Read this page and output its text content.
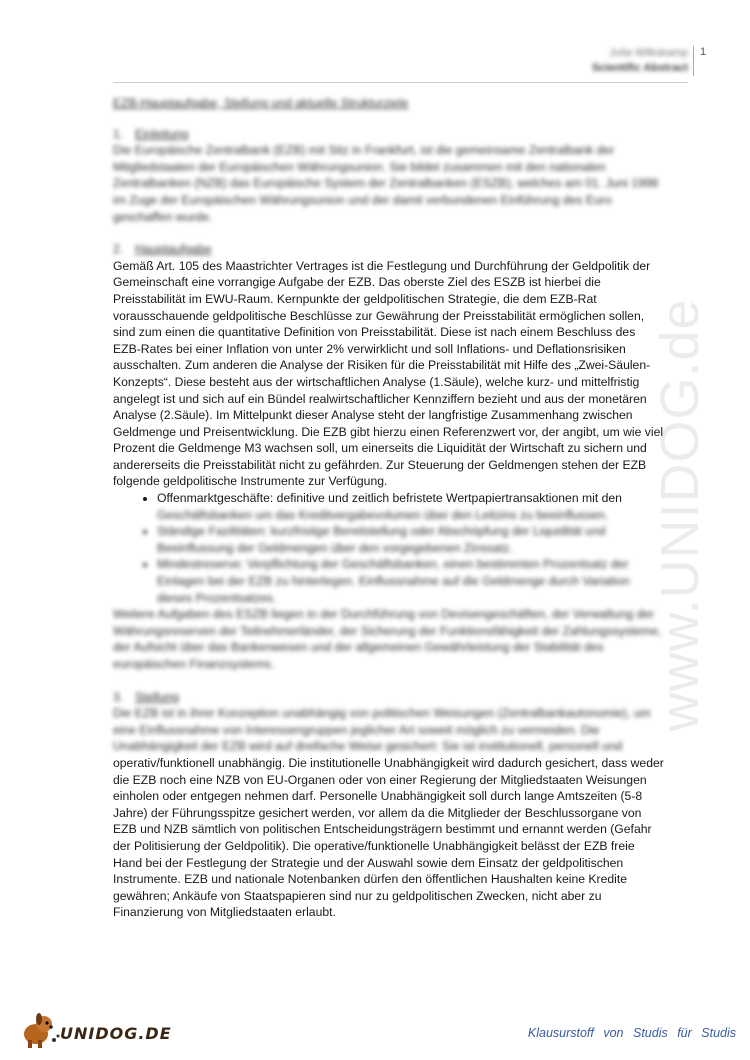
Julia Wilkskamp
Scientific Abstract
1
www.UNIDOG.de
EZB-Hauptaufgabe, Stellung und aktuelle Strukturziele
1. Einleitung

Die Europäische Zentralbank (EZB) mit Sitz in Frankfurt, ist die gemeinsame Zentralbank der Mitgliedstaaten der Europäischen Währungsunion. Sie bildet zusammen mit den nationalen Zentralbanken (NZB) das Europäische System der Zentralbanken (ESZB), welches am 01. Juni 1998 im Zuge der Europäischen Währungsunion und der damit verbundenen Einführung des Euro geschaffen wurde.

2. Hauptaufgabe

Gemäß Art. 105 des Maastrichter Vertrages ist die Festlegung und Durchführung der Geldpolitik der Gemeinschaft eine vorrangige Aufgabe der EZB. Das oberste Ziel des ESZB ist hierbei die Preisstabilität im EWU-Raum. Kernpunkte der geldpolitischen Strategie, die dem EZB-Rat vorausschauende geldpolitische Beschlüsse zur Gewährung der Preisstabilität ermöglichen sollen, sind zum einen die quantitative Definition von Preisstabilität. Diese ist nach einem Beschluss des EZB-Rates bei einer Inflation von unter 2% verwirklicht und soll Inflations- und Deflationsrisiken ausschalten. Zum anderen die Analyse der Risiken für die Preisstabilität mit Hilfe des „Zwei-Säulen-Konzepts“. Diese besteht aus der wirtschaftlichen Analyse (1.Säule), welche kurz- und mittelfristig angelegt ist und sich auf ein Bündel realwirtschaftlicher Kennziffern bezieht und aus der monetären Analyse (2.Säule). Im Mittelpunkt dieser Analyse steht der langfristige Zusammenhang zwischen Geldmenge und Preisentwicklung. Die EZB gibt hierzu einen Referenzwert vor, der angibt, um wie viel Prozent die Geldmenge M3 wachsen soll, um einerseits die Liquidität der Wirtschaft zu sichern und andererseits die Preisstabilität nicht zu gefährden. Zur Steuerung der Geldmengen stehen der EZB folgende geldpolitische Instrumente zur Verfügung.

• Offenmarktgeschäfte: definitive und zeitlich befristete Wertpapiertransaktionen mit den
Geschäftsbanken um das Kreditvergabevolumen über den Leitzins zu beeinflussen.
• Ständige Fazilitäten: kurzfristige Bereitstellung oder Abschöpfung der Liquidität und Beeinflussung der Geldmengen über den vorgegebenen Zinssatz.
• Mindestreserve: Verpflichtung der Geschäftsbanken, einen bestimmten Prozentsatz der Einlagen bei der EZB zu hinterlegen. Einflussnahme auf die Geldmenge durch Variation dieses Prozentsatzes.

Weitere Aufgaben des ESZB liegen in der Durchführung von Devisengeschäften, der Verwaltung der Währungsreserven der Teilnehmerländer, der Sicherung der Funktionsfähigkeit der Zahlungssysteme, der Aufsicht über das Bankenwesen und der allgemeinen Gewährleistung der Stabilität des europäischen Finanzsystems.

3. Stellung

Die EZB ist in ihrer Konzeption unabhängig von politischen Weisungen (Zentralbankautonomie), um eine Einflussnahme von Interessengruppen jeglicher Art soweit möglich zu vermeiden. Die Unabhängigkeit der EZB wird auf dreifache Weise gesichert: Sie ist institutionell, personell und

operativ/funktionell unabhängig. Die institutionelle Unabhängigkeit wird dadurch gesichert, dass weder die EZB noch eine NZB von EU-Organen oder von einer Regierung der Mitgliedstaaten Weisungen einholen oder entgegen nehmen darf. Personelle Unabhängigkeit soll durch lange Amtszeiten (5-8 Jahre) der Führungsspitze gesichert werden, vor allem da die Mitglieder der Beschlussorgane von EZB und NZB sämtlich von politischen Entscheidungsträgern bestimmt und ernannt werden (Gefahr der Politisierung der Geldpolitik). Die operative/funktionelle Unabhängigkeit belässt der EZB freie Hand bei der Festlegung der Strategie und der Auswahl sowie dem Einsatz der geldpolitischen Instrumente. EZB und nationale Notenbanken dürfen den öffentlichen Haushalten keine Kredite gewähren; Ankäufe von Staatspapieren sind nur zu geldpolitischen Zwecken, nicht aber zu Finanzierung von Mitgliedstaaten erlaubt.

UNIDOG.DE	Klausurstoff von Studis für Studis
